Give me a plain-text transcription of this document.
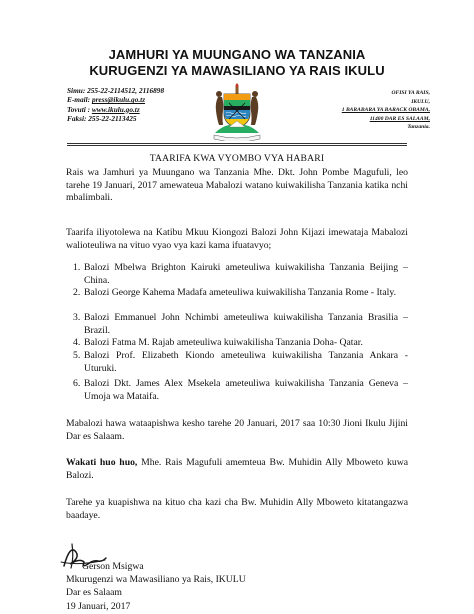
JAMHURI YA MUUNGANO WA TANZANIA
KURUGENZI YA MAWASILIANO YA RAIS IKULU
Simu: 255-22-2114512, 2116898
E-mail: press@ikulu.go.tz
Tovuti : www.ikulu.go.tz
Faksi: 255-22-2113425
OFISI YA RAIS,
IKULU,
1 BARABARA YA BARACK OBAMA,
11400 DAR ES SALAAM,
Tanzania.
TAARIFA KWA VYOMBO VYA HABARI
Rais wa Jamhuri ya Muungano wa Tanzania Mhe. Dkt. John Pombe Magufuli, leo tarehe 19 Januari, 2017 amewateua Mabalozi watano kuiwakilisha Tanzania katika nchi mbalimbali.
Taarifa iliyotolewa na Katibu Mkuu Kiongozi Balozi John Kijazi imewataja Mabalozi walioteuliwa na vituo vyao vya kazi kama ifuatavyo;
1. Balozi Mbelwa Brighton Kairuki ameteuliwa kuiwakilisha Tanzania Beijing – China.
2. Balozi George Kahema Madafa ameteuliwa kuiwakilisha Tanzania Rome - Italy.
3. Balozi Emmanuel John Nchimbi ameteuliwa kuiwakilisha Tanzania Brasilia – Brazil.
4. Balozi Fatma M. Rajab ameteuliwa kuiwakilisha Tanzania Doha- Qatar.
5. Balozi Prof. Elizabeth Kiondo ameteuliwa kuiwakilisha Tanzania Ankara - Uturuki.
6. Balozi Dkt. James Alex Msekela ameteuliwa kuiwakilisha Tanzania Geneva – Umoja wa Mataifa.
Mabalozi hawa wataapishwa kesho tarehe 20 Januari, 2017 saa 10:30 Jioni Ikulu Jijini Dar es Salaam.
Wakati huo huo, Mhe. Rais Magufuli amemteua Bw. Muhidin Ally Mboweto kuwa Balozi.
Tarehe ya kuapishwa na kituo cha kazi cha Bw. Muhidin Ally Mboweto kitatangazwa baadaye.
Gerson Msigwa
Mkurugenzi wa Mawasiliano ya Rais, IKULU
Dar es Salaam
19 Januari, 2017
